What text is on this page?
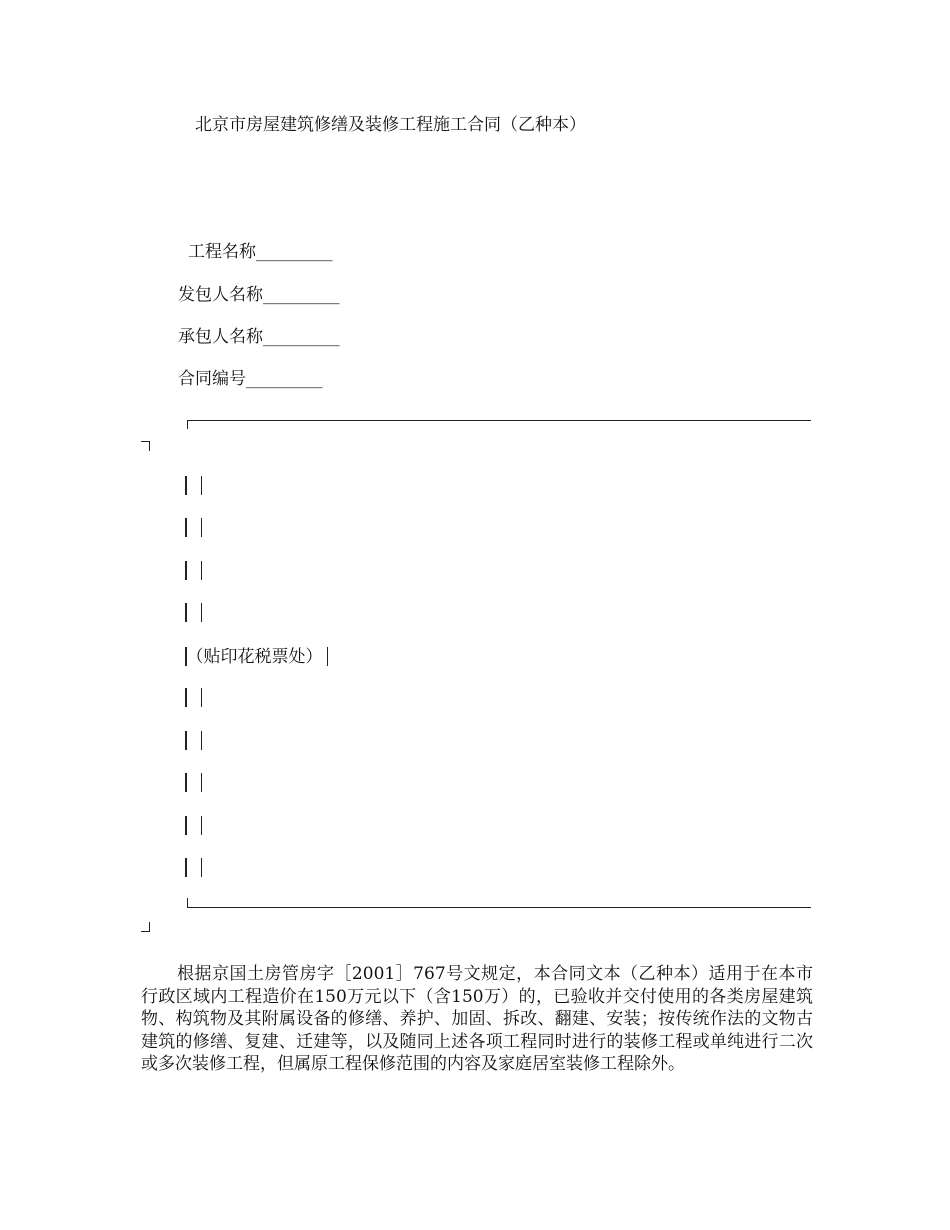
北京市房屋建筑修缮及装修工程施工合同（乙种本）
工程名称_________
发包人名称_________
承包人名称_________
合同编号_________
（贴印花税票处）
根据京国土房管房字［2001］767号文规定，本合同文本（乙种本）适用于在本市行政区域内工程造价在150万元以下（含150万）的，已验收并交付使用的各类房屋建筑物、构筑物及其附属设备的修缮、养护、加固、拆改、翻建、安装；按传统作法的文物古建筑的修缮、复建、迁建等，以及随同上述各项工程同时进行的装修工程或单纯进行二次或多次装修工程，但属原工程保修范围的内容及家庭居室装修工程除外。
